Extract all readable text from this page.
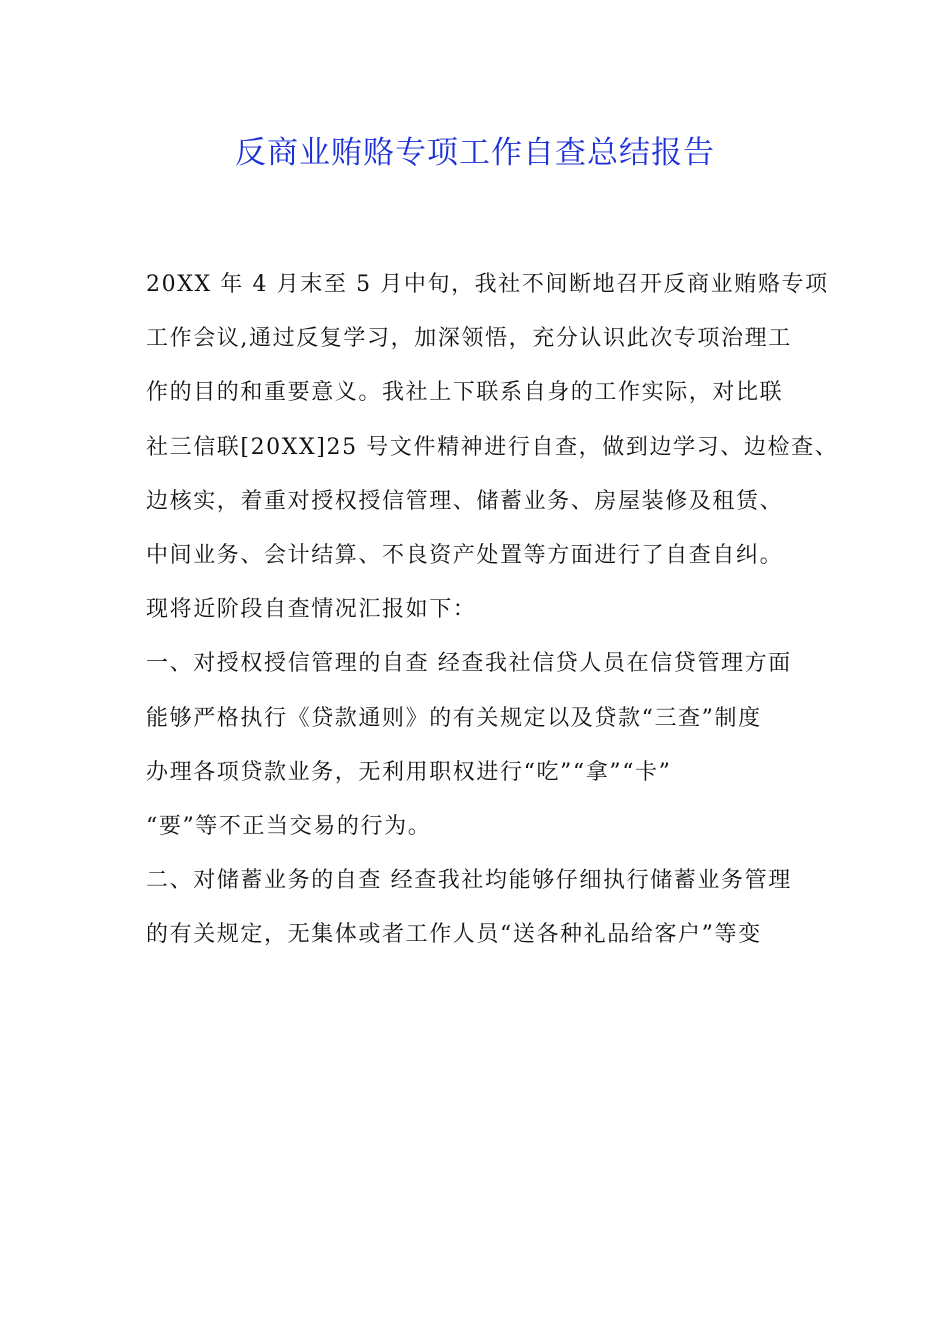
反商业贿赂专项工作自查总结报告
20XX 年 4 月末至 5 月中旬，我社不间断地召开反商业贿赂专项
工作会议,通过反复学习，加深领悟，充分认识此次专项治理工
作的目的和重要意义。我社上下联系自身的工作实际，对比联
社三信联[20XX]25 号文件精神进行自查，做到边学习、边检查、
边核实，着重对授权授信管理、储蓄业务、房屋装修及租赁、
中间业务、会计结算、不良资产处置等方面进行了自查自纠。
现将近阶段自查情况汇报如下：
一、对授权授信管理的自查 经查我社信贷人员在信贷管理方面
能够严格执行《贷款通则》的有关规定以及贷款“三查”制度
办理各项贷款业务，无利用职权进行“吃”“拿”“卡”
“要”等不正当交易的行为。
二、对储蓄业务的自查 经查我社均能够仔细执行储蓄业务管理
的有关规定，无集体或者工作人员“送各种礼品给客户”等变
